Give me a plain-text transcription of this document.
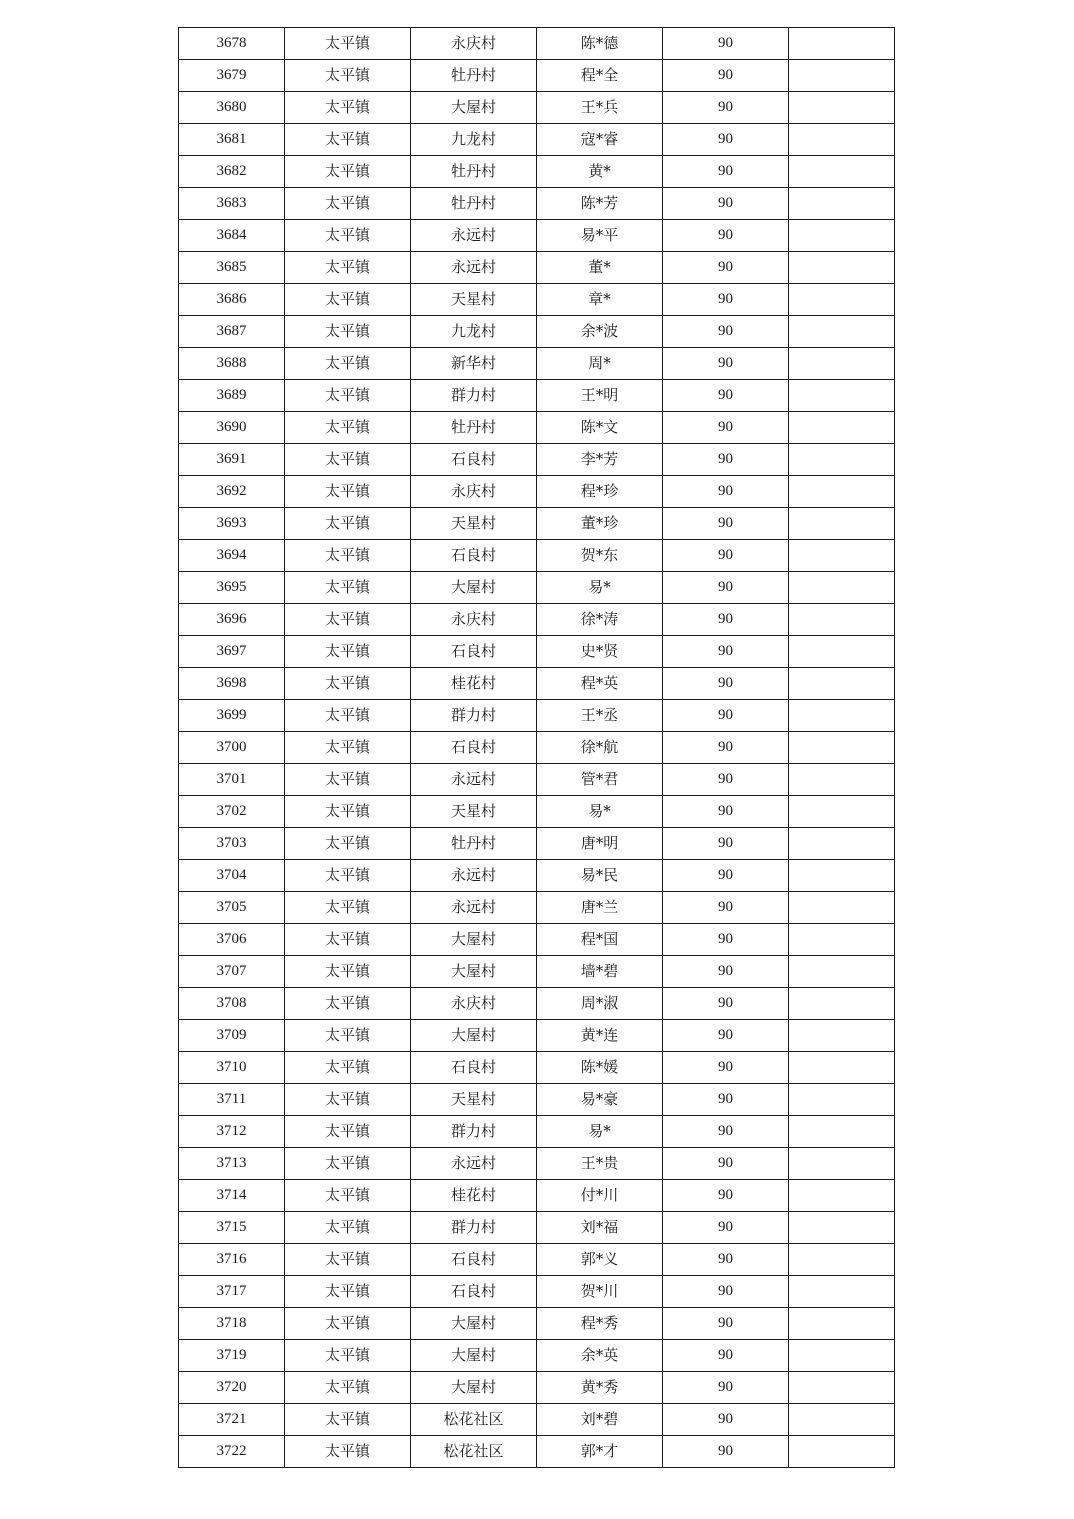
3678	太平镇	永庆村	陈*德	90	
3679	太平镇	牡丹村	程*全	90	
3680	太平镇	大屋村	王*兵	90	
3681	太平镇	九龙村	寇*睿	90	
3682	太平镇	牡丹村	黄*	90	
3683	太平镇	牡丹村	陈*芳	90	
3684	太平镇	永远村	易*平	90	
3685	太平镇	永远村	董*	90	
3686	太平镇	天星村	章*	90	
3687	太平镇	九龙村	余*波	90	
3688	太平镇	新华村	周*	90	
3689	太平镇	群力村	王*明	90	
3690	太平镇	牡丹村	陈*文	90	
3691	太平镇	石良村	李*芳	90	
3692	太平镇	永庆村	程*珍	90	
3693	太平镇	天星村	董*珍	90	
3694	太平镇	石良村	贺*东	90	
3695	太平镇	大屋村	易*	90	
3696	太平镇	永庆村	徐*涛	90	
3697	太平镇	石良村	史*贤	90	
3698	太平镇	桂花村	程*英	90	
3699	太平镇	群力村	王*丞	90	
3700	太平镇	石良村	徐*航	90	
3701	太平镇	永远村	管*君	90	
3702	太平镇	天星村	易*	90	
3703	太平镇	牡丹村	唐*明	90	
3704	太平镇	永远村	易*民	90	
3705	太平镇	永远村	唐*兰	90	
3706	太平镇	大屋村	程*国	90	
3707	太平镇	大屋村	墙*碧	90	
3708	太平镇	永庆村	周*淑	90	
3709	太平镇	大屋村	黄*连	90	
3710	太平镇	石良村	陈*媛	90	
3711	太平镇	天星村	易*豪	90	
3712	太平镇	群力村	易*	90	
3713	太平镇	永远村	王*贵	90	
3714	太平镇	桂花村	付*川	90	
3715	太平镇	群力村	刘*福	90	
3716	太平镇	石良村	郭*义	90	
3717	太平镇	石良村	贺*川	90	
3718	太平镇	大屋村	程*秀	90	
3719	太平镇	大屋村	余*英	90	
3720	太平镇	大屋村	黄*秀	90	
3721	太平镇	松花社区	刘*碧	90	
3722	太平镇	松花社区	郭*才	90	
